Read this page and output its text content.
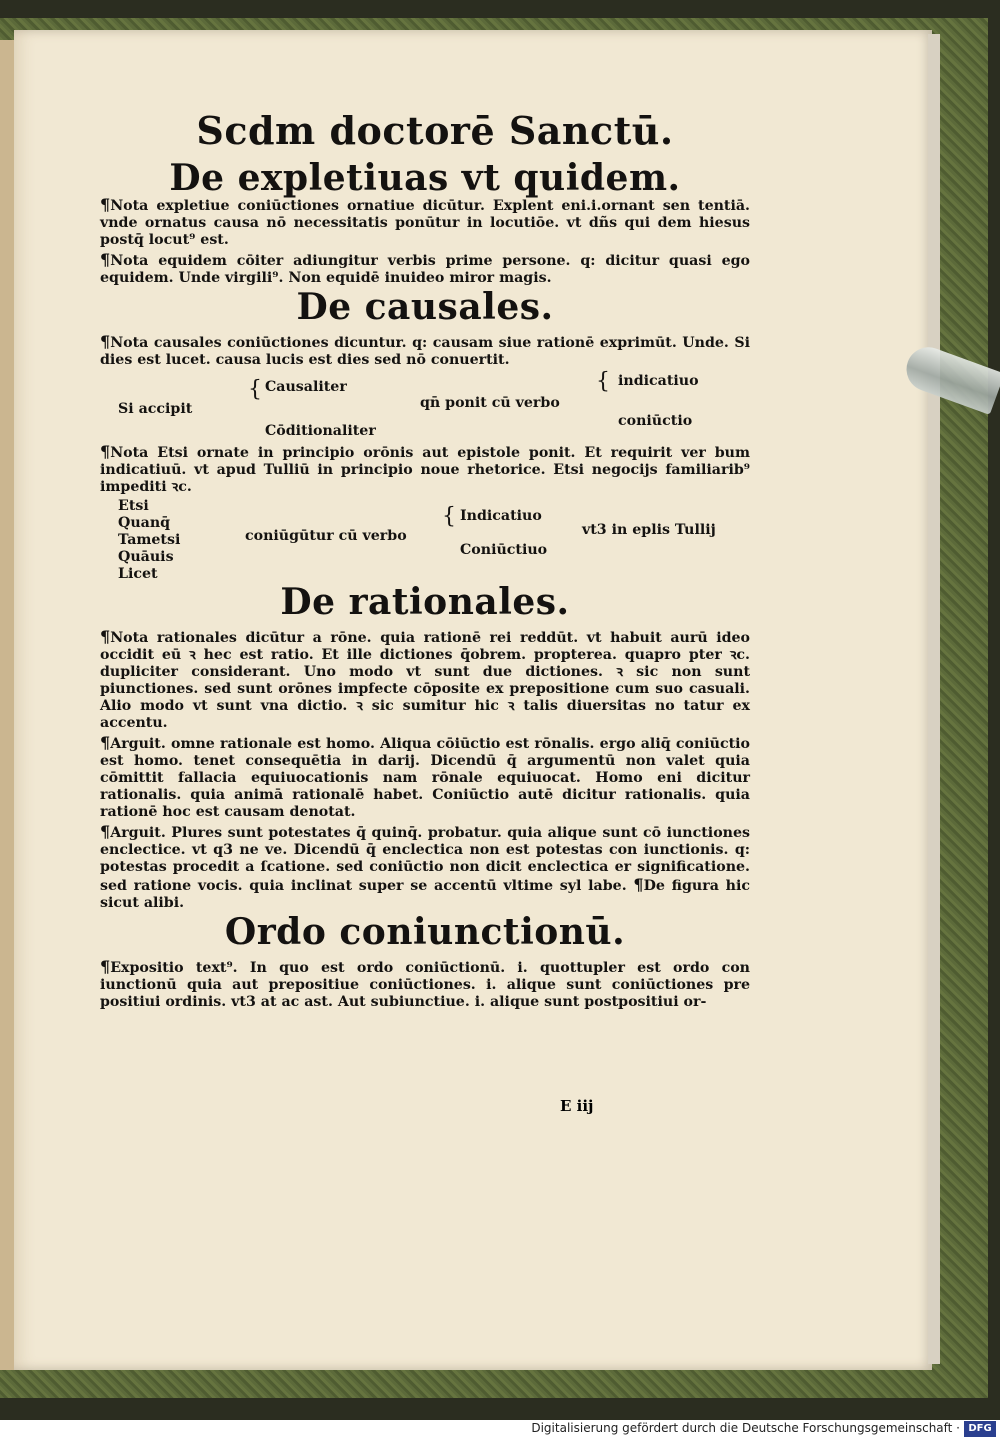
Scdm doctorē Sanctū.
De expletiuas vt quidem.

¶Nota expletiue coniūctiones ornatiue dicūtur. Explent eni.i.ornant sen tentiā. vnde ornatus causa nō necessitatis ponūtur in locutiōe. vt dñs qui dem hiesus postq̄ locut⁹ est.

¶Nota equidem cōiter adiungitur verbis prime persone. q: dicitur quasi ego equidem. Unde virgili⁹. Non equidē inuideo miror magis.

De causales.

¶Nota causales coniūctiones dicuntur. q: causam siue rationē exprimūt. Unde. Si dies est lucet. causa lucis est dies sed nō conuertit.

Si accipit
{ Causaliter
Cōditionaliter
qn̄ ponit cū verbo
{ indicatiuo
coniūctio

¶Nota Etsi ornate in principio orōnis aut epistole ponit. Et requirit ver bum indicatiuū. vt apud Tulliū in principio noue rhetorice. Etsi negocijs familiarib⁹ impediti ꝛc.

Etsi
Quanq̄
Tametsi
Quāuis
Licet
coniūgūtur cū verbo
{ Indicatiuo
Coniūctiuo
vt3 in eplis Tullij
De rationales.

¶Nota rationales dicūtur a rōne. quia rationē rei reddūt. vt habuit aurū ideo occidit eū ꝛ hec est ratio. Et ille dictiones q̄obrem. propterea. quapro pter ꝛc. dupliciter considerant. Uno modo vt sunt due dictiones. ꝛ sic non sunt piunctiones. sed sunt orōnes impfecte cōposite ex prepositione cum suo casuali. Alio modo vt sunt vna dictio. ꝛ sic sumitur hic ꝛ talis diuersitas no tatur ex accentu.

¶Arguit. omne rationale est homo. Aliqua cōiūctio est rōnalis. ergo aliq̄ coniūctio est homo. tenet consequētia in darij. Dicendū q̄ argumentū non valet quia cōmittit fallacia equiuocationis nam rōnale equiuocat. Homo eni dicitur rationalis. quia animā rationalē habet. Coniūctio autē dicitur rationalis. quia rationē hoc est causam denotat.

¶Arguit. Plures sunt potestates q̄ quinq̄. probatur. quia alique sunt cō iunctiones enclectice. vt q3 ne ve. Dicendū q̄ enclectica non est potestas con iunctionis. q: potestas procedit a ſcatione. sed coniūctio non dicit enclectica er significatione. sed ratione vocis. quia inclinat super se accentū vltime syl labe. ¶De figura hic sicut alibi.

Ordo coniunctionū.

¶Expositio text⁹. In quo est ordo coniūctionū. i. quottupler est ordo con iunctionū quia aut prepositiue coniūctiones. i. alique sunt coniūctiones pre positiui ordinis. vt3 at ac ast. Aut subiunctiue. i. alique sunt postpositiui or-

E iij
Digitalisierung gefördert durch die Deutsche Forschungsgemeinschaft · DFG
